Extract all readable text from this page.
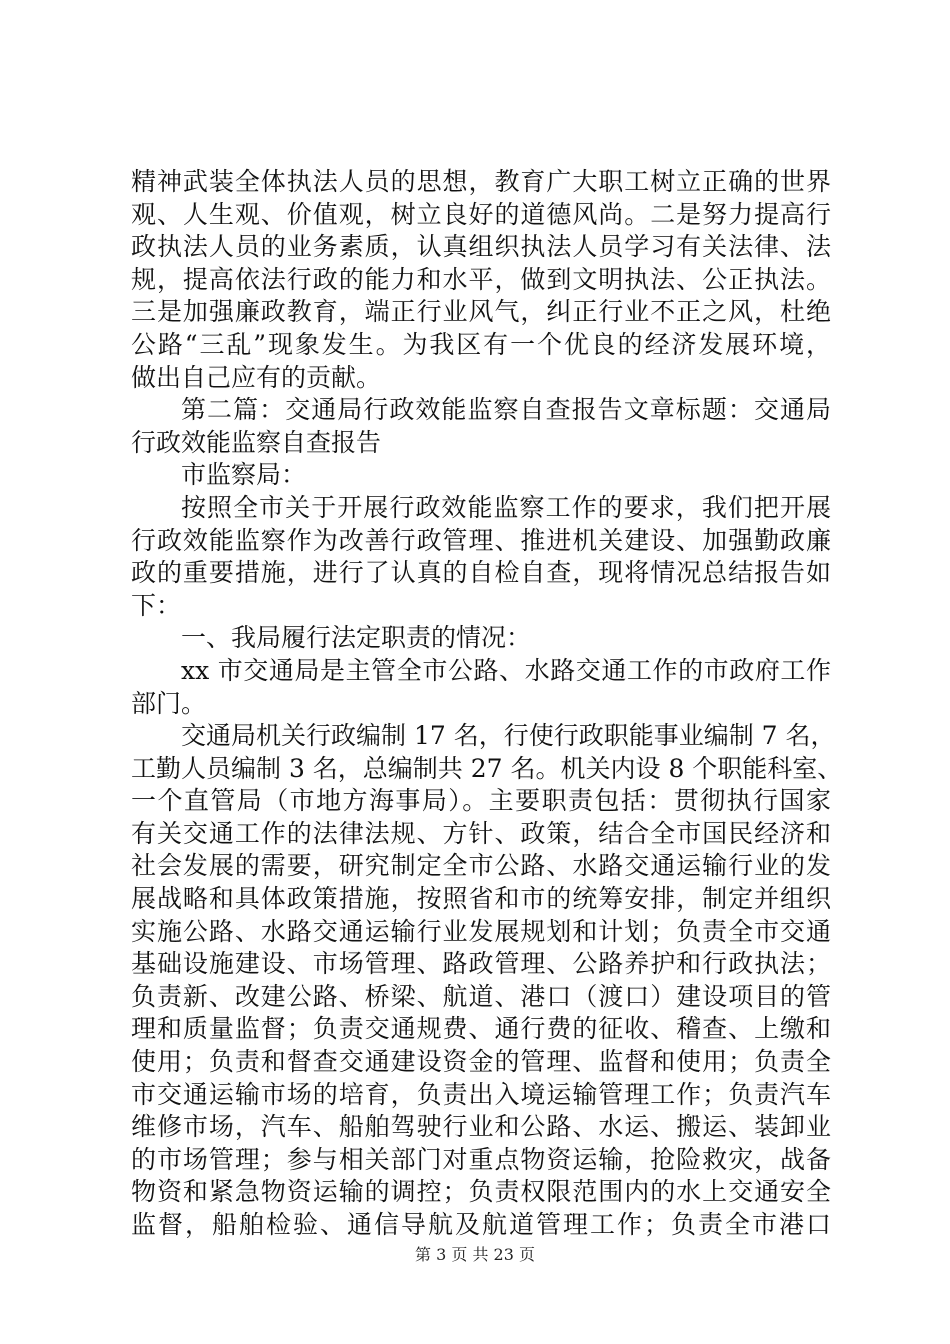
精神武装全体执法人员的思想，教育广大职工树立正确的世界
观、人生观、价值观，树立良好的道德风尚。二是努力提高行
政执法人员的业务素质，认真组织执法人员学习有关法律、法
规，提高依法行政的能力和水平，做到文明执法、公正执法。
三是加强廉政教育，端正行业风气，纠正行业不正之风，杜绝
公路“三乱”现象发生。为我区有一个优良的经济发展环境，
做出自己应有的贡献。
第二篇：交通局行政效能监察自查报告文章标题：交通局
行政效能监察自查报告
市监察局：
按照全市关于开展行政效能监察工作的要求，我们把开展
行政效能监察作为改善行政管理、推进机关建设、加强勤政廉
政的重要措施，进行了认真的自检自查，现将情况总结报告如
下：
一、我局履行法定职责的情况：
xx 市交通局是主管全市公路、水路交通工作的市政府工作
部门。
交通局机关行政编制 17 名，行使行政职能事业编制 7 名，
工勤人员编制 3 名，总编制共 27 名。机关内设 8 个职能科室、
一个直管局（市地方海事局）。主要职责包括：贯彻执行国家
有关交通工作的法律法规、方针、政策，结合全市国民经济和
社会发展的需要，研究制定全市公路、水路交通运输行业的发
展战略和具体政策措施，按照省和市的统筹安排，制定并组织
实施公路、水路交通运输行业发展规划和计划；负责全市交通
基础设施建设、市场管理、路政管理、公路养护和行政执法；
负责新、改建公路、桥梁、航道、港口（渡口）建设项目的管
理和质量监督；负责交通规费、通行费的征收、稽查、上缴和
使用；负责和督查交通建设资金的管理、监督和使用；负责全
市交通运输市场的培育，负责出入境运输管理工作；负责汽车
维修市场，汽车、船舶驾驶行业和公路、水运、搬运、装卸业
的市场管理；参与相关部门对重点物资运输，抢险救灾，战备
物资和紧急物资运输的调控；负责权限范围内的水上交通安全
监督，船舶检验、通信导航及航道管理工作；负责全市港口
第 3 页 共 23 页
